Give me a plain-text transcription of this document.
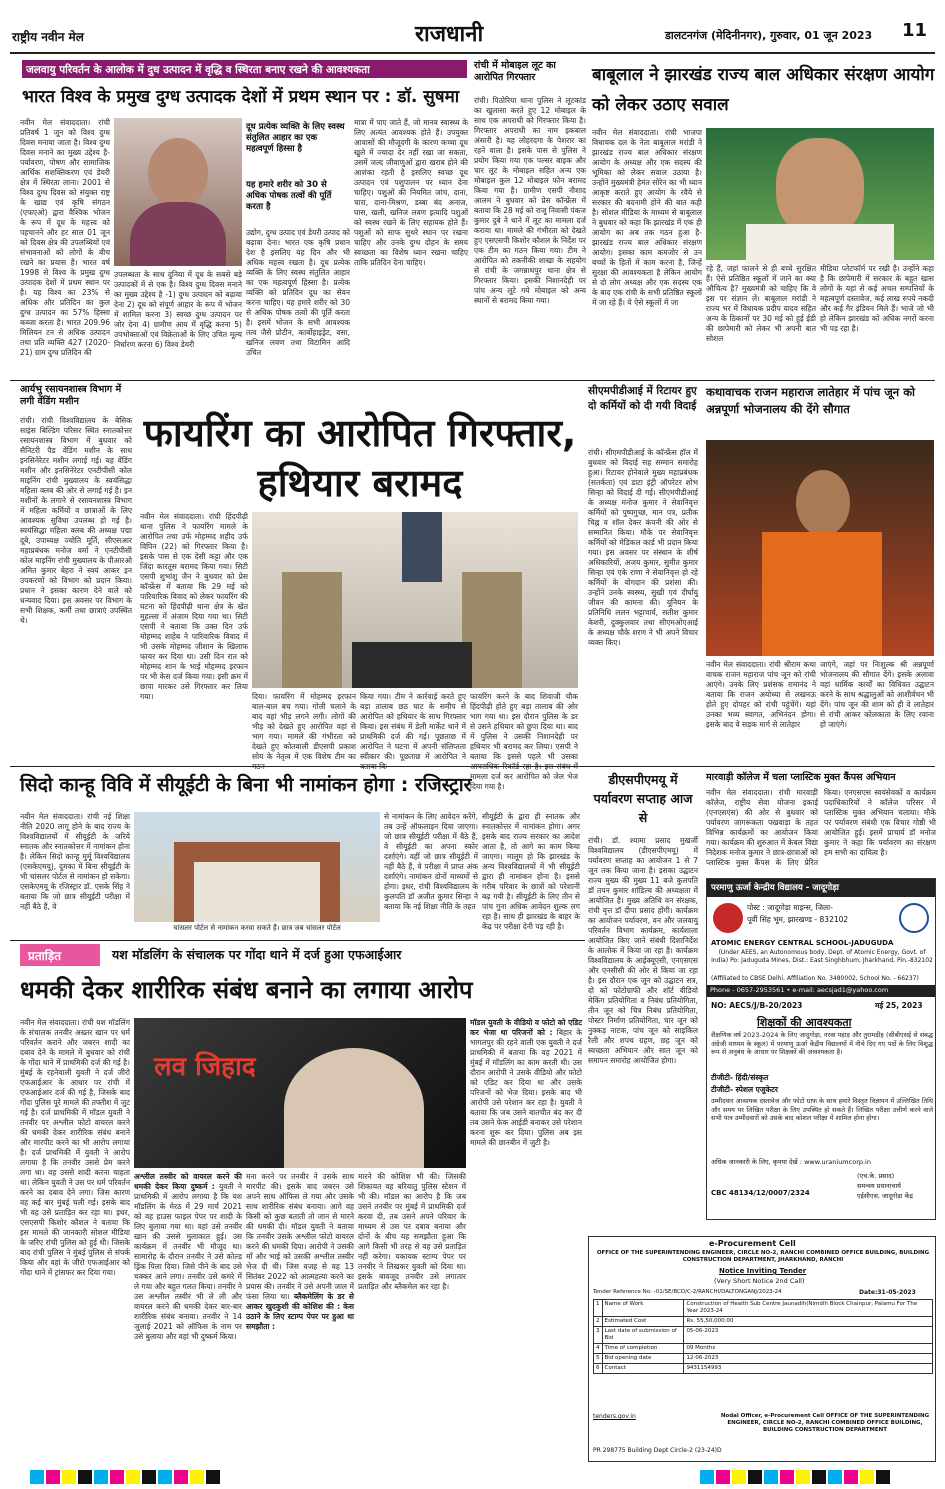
राष्ट्रीय नवीन मेल	राजधानी	डालटनगंज (मेदिनीनगर), गुरुवार, 01 जून 2023 11
जलवायु परिवर्तन के आलोक में दुध उत्पादन में वृद्धि व स्थिरता बनाए रखने की आवश्यकता
भारत विश्व के प्रमुख दुग्ध उत्पादक देशों में प्रथम स्थान पर : डॉ. सुषमा
नवीन मेल संवाददाता। रांची प्रतिवर्ष 1 जून को विश्व दुग्ध दिवस मनाया जाता है। विश्व दुग्ध दिवस मनाने का मुख्य उद्देश्य है-पर्यावरण, पोषण और सामाजिक आर्थिक सशक्तिकरण एवं डेयरी क्षेत्र में स्थिरता लाना। 2001 से विश्व दुग्ध दिवस को संयुक्त राष्ट्र के खाद्य एवं कृषि संगठन (एफएओ) द्वारा वैश्विक भोजन के रूप में दूध के महत्त्व को पहचानने और हर साल 01 जून को दिवस क्षेत्र की उपलब्धियों एवं संभावनाओं को लोगों के बीच रखने का प्रयास है। भारत वर्ष 1998 से विश्व के प्रमुख दुग्ध उत्पादक देशों में प्रथम स्थान पर है। यह विश्व का 23% से अधिक और प्रतिदिन का कुल दुग्ध उत्पादन का 57% हिस्सा कब्जा करता है। भारत 209.96 मिलियन टन से अधिक उत्पादन तथा प्रति व्यक्ति 427 (2020-21) ग्राम दुग्ध प्रतिदिन की
उपलब्धता के साथ दुनिया में दूध के सबसे बड़े उत्पादकों में से एक है। विश्व दुग्ध दिवस मनाने का मुख्य उद्देश्य है -1) दुग्ध उत्पादन को बढ़ावा देना 2) दूध को संपूर्ण आहार के रूप में भोजन में शामिल करना 3) स्वच्छ दुग्ध उत्पादन पर जोर देना 4) ग्रामीण आय में वृद्धि करना 5) उपभोक्ताओं एवं विक्रेताओं के लिए उचित मूल्य निर्धारण करना 6) विश्व डेयरी
दूध प्रत्येक व्यक्ति के लिए स्वस्थ संतुलित आहार का एक महत्वपूर्ण हिस्सा है
यह हमारे शरीर को 30 से अधिक पोषक तत्वों की पूर्ति करता है
उद्योग, दुग्ध उत्पाद एवं डेयरी उत्पाद को बढ़ावा देना। भारत एक कृषि प्रधान देश है इसलिए यह दिन और भी अधिक महत्त्व रखता है। दूध प्रत्येक व्यक्ति के लिए स्वस्थ संतुलित आहार का एक महत्वपूर्ण हिस्सा है। प्रत्येक व्यक्ति को प्रतिदिन दूध का सेवन करना चाहिए। यह हमारे शरीर को 30 से अधिक पोषक तत्वों की पूर्ति करता है। इसमें भोजन के सभी आवश्यक तत्व जैसे प्रोटीन, कार्बोहाइड्रेट, वसा, खनिज लवण तथा विटामिन आदि उचित
मात्रा में पाए जाते हैं, जो मानव स्वास्थ्य के लिए अत्यंत आवश्यक होते हैं। उपयुक्त आवासों की मौजूदगी के कारण कच्चा दूध खुले में ज्यादा देर नहीं रखा जा सकता, उसमें जल्द जीवाणुओं द्वारा खराब होने की आशंका रहती है इसलिए स्वच्छ दूध उत्पादन एवं पशुपालन पर ध्यान देना चाहिए। पशुओं की नियमित जांच, दाना, चारा, दाना-मिश्रण, डब्बा बंद अनाज, घास, खली, खनिज लवण इत्यादि पशुओं को स्वस्थ रखने के लिए सहायक होते हैं। पशुओं को साफ सुथरे स्थान पर रखना चाहिए और उनके दुग्ध दोहन के समय स्वच्छता का विशेष ध्यान रखना चाहिए ताकि प्रतिदिन देना चाहिए।
रांची में मोबाइल लूट का आरोपित गिरफ्तार
रांची। पिठोरिया थाना पुलिस ने लूटकांड का खुलासा करते हुए 12 मोबाइल के साथ एक अपराधी को गिरफ्तार किया है। गिरफ्तार अपराधी का नाम इकबाल अंसारी है। यह लोहरदगा के पेशरार का रहने वाला है। इसके पास से पुलिस ने प्रयोग किया गया एक पल्सर बाइक और चार लूट के मोबाइल सहित अन्य एक मोबाइल कुल 12 मोबाइल फोन बरामद किया गया है। ग्रामीण एसपी नौशाद आलम ने बुधवार को प्रेस कॉन्फ्रेंस में बताया कि 28 मई को राजू निवासी पंकज कुमार दुबे ने थाने में लूट का मामला दर्ज कराया था। मामले की गंभीरता को देखते हुए एसएसपी किशोर कौशल के निर्देश पर एक टीम का गठन किया गया। टीम ने आरोपित को तकनीकी शाखा के सहयोग से रांची के जगन्नाथपुर थाना क्षेत्र से गिरफ्तार किया। इसकी निशानदेही पर पांच अन्य लूटे गये मोबाइल को अन्य स्थानों से बरामद किया गया।
बाबूलाल ने झारखंड राज्य बाल अधिकार संरक्षण आयोग को लेकर उठाए सवाल
नवीन मेल संवाददाता। रांची भाजपा विधायक दल के नेता बाबूलाल मरांडी ने झारखंड राज्य बाल अधिकार संरक्षण आयोग के अध्यक्ष और एक सदस्य की भूमिका को लेकर सवाल उठाया है। उन्होंने मुख्यमंत्री हेमंत सोरेन का भी ध्यान आकृष्ट कराते हुए आयोग के रवैये से सरकार की बदनामी होने की बात कही है। सोशल मीडिया के माध्यम से बाबूलाल ने बुधवार को कहा कि झारखंड में एक ही आयोग का अब तक गठन हुआ है- झारखंड राज्य बाल अधिकार संरक्षण आयोग। इसका काम कमजोर से उन बच्चों के हितों में काम करना है, जिन्हें सुरक्षा की आवश्यकता है लेकिन आयोग से दो लोग अध्यक्ष और एक सदस्य एक के बाद एक रांची के सभी प्रतिष्ठित स्कूलों में जा रहे हैं। ये ऐसे स्कूलों में जा
रहे हैं, जहां फालने से ही बच्चे सुरक्षित हैं। ऐसे प्रतिष्ठित स्कूलों में जाने का क्या औचित्य है? मुख्यमंत्री को चाहिए कि वे इस पर संज्ञान लें। बाबूलाल मरांडी ने राज्य भर में विधायक प्रदीप यादव सहित अन्य के ठिकानों पर 30 मई को हुई ईडी की छापेमारी को लेकर भी अपनी बात सोशल
मीडिया प्लेटफॉर्म पर रखी है। उन्होंने कहा है कि छापेमारी में सरकार के बहुत खास लोगों के यहां से कई अचल सम्पत्तियों के महत्वपूर्ण दस्तावेज, कई लाख रुपये नकदी और कई गैर इंडियन मिले हैं। भाजे जो भी हो लेकिन झारखंड को अधिक नगरों करना भी पड़ रहा है।
आर्यभु रसायनशास्त्र विभाग में लगी वेंडिंग मशीन
रांची। रांची विश्वविद्यालय के बेसिक साइंस बिल्डिंग परिसर स्थित स्नातकोत्तर रसायनशास्त्र विभाग में बुधवार को सैनिटरी पैड वेंडिंग मशीन के साथ इनसिनेरेटर मशीन लगाई गई। यह वेंडिंग मशीन और इनसिनेरेटर एनटीपीसी कोल माइनिंग रांची मुख्यालय के स्वयंसिद्धा महिला क्लब की ओर से लगाई गई है। इन मशीनों के लगाने से रसायनशास्त्र विभाग में महिला कर्मियों व छात्राओं के लिए आवश्यक सुविधा उपलब्ध हो गई है। स्वयंसिद्धा महिला क्लब की अध्यक्ष पद्मा दूबे, उपाध्यक्ष ज्योति मूर्ति, सीएसआर महाप्रबंधक मनोज वर्मा ने एनटीपीसी कोल माइनिंग रांची मुख्यालय के पीआरओ अमित कुमार बेहरा ने स्वयं आकर इन उपकरणों को विभाग को प्रदान किया। प्रधान ने इसका कारण देने वाले को धन्यवाद दिया। इस अवसर पर विभाग के सभी शिक्षक, कर्मी तथा छात्राएं उपस्थित थे।
फायरिंग का आरोपित गिरफ्तार, हथियार बरामद
नवीन मेल संवाददाता। रांची हिंदपीढ़ी थाना पुलिस ने फायरिंग मामले के आरोपित तथा उर्फ मोहम्मद शहीद उर्फ विपिन (22) को गिरफ्तार किया है। इसके पास से एक देसी कट्टा और एक जिंदा कारतूस बरामद किया गया। सिटी एसपी शुभांशु जैन ने बुधवार को प्रेस कॉन्फ्रेंस में बताया कि 29 मई को पारिवारिक विवाद को लेकर फायरिंग की घटना को हिंदपीढ़ी थाना क्षेत्र के खेत मुहल्ला में अंजाम दिया गया था। सिटी एसपी ने बताया कि उक्त दिन उर्फ मोहम्मद शाहेब ने पारिवारिक विवाद में भी उसके मोहम्मद जीशान के खिलाफ फायर कर दिया था। उसी दिन रात को मोहम्मद शान के भाई मोहम्मद इरफान पर भी केस दर्ज किया गया। इसी क्रम में छापा मारकर उसे गिरफ्तार कर लिया गया।	दिया। फायरिंग में मोहम्मद इरफान बाल-बाल बच गया। गोली चलाने के बाद वहां भीड़ लगने लगी। लोगों की भीड़ को देखते हुए आरोपित वहां से भाग गया। मामले की गंभीरता को देखते हुए कोतवाली डीएसपी प्रकाश सोय के नेतृत्व में एक विशेष टीम का
किया गया। टीम ने कार्रवाई करते हुए बड़ा तालाब छठ घाट के समीप से आरोपित को हथियार के साथ गिरफ्तार किया। इस संबंध में डेली मार्केट थाने में प्राथमिकी दर्ज की गई। पूछताछ में आरोपित ने घटना में अपनी संलिप्तता स्वीकार की। पूछताछ में आरोपित ने
फायरिंग करने के बाद शिवाजी चौक हिंदपीढ़ी होते हुए बड़ा तालाब की ओर भाग गया था। इस दौरान पुलिस के डर से उसने हथियार को छुपा दिया था। बाद में पुलिस ने उसकी निशानदेही पर हथियार भी बरामद कर लिया। एसपी ने बताया कि इससे पहले भी उसका मामला दर्ज कर आरोपित को जेल भेज दिया गया है।
सीएमपीडीआई में रिटायर हुए दो कर्मियों को दी गयी विदाई
रांची। सीएमपीडीआई के कॉन्फ्रेंस हॉल में बुधवार को विदाई सह सम्मान समारोह हुआ। रिटायर होनेवाले मुख्य महाप्रबंधक (सतर्कता) एवं डाटा इंट्री ऑपरेटर शोभ सिन्हा को विदाई दी गई। सीएमपीडीआई के अध्यक्ष मनोज कुमार ने सेवानिवृत्त कर्मियों को पुष्पगुच्छ, मान पत्र, प्रतीक चिह्न व शॉल देकर कंपनी की ओर से सम्मानित किया। मौके पर सेवानिवृत्त कर्मियों को मेडिकल कार्ड भी प्रदान किया गया। इस अवसर पर संस्थान के शीर्ष अधिकारियों, अजय कुमार, सुमीत कुमार सिन्हा एवं एके राणा ने सेवानिवृत्त हो रहे कर्मियों के योगदान की प्रशंसा की। उन्होंने उनके स्वस्थ्य, सुखी एवं दीर्घायु जीवन की कामना की। यूनियन के प्रतिनिधि ललन भट्टाचार्य, सतीश कुमार केशरी, दुक्कुलवार तथा सीएमओएआई के अध्यक्ष चौके शरण ने भी अपने विचार व्यक्त किए।
कथावाचक राजन महाराज लातेहार में पांच जून को अन्नपूर्णा भोजनालय की देंगे सौगात
नवीन मेल संवाददाता। रांची श्रीराम कथा वाचक राजन महाराज पांच जून को रांची आएंगे। उनके लिए प्रशंसक रामानंद ने बताया कि राजन अयोध्या से लखनऊ होते हुए दोपहर को रांची पहुंचेंगे। यहां उनका भव्य स्वागत, अभिनंदन होगा। इसके बाद वे सड़क मार्ग से लातेहार
जाएंगे, जहां पर निःशुल्क श्री अन्नपूर्णा भोजनालय की सौगात देंगे। इसके अलावा वहां धार्मिक कार्यों का विधिवत उद्घाटन करने के साथ श्रद्धालुओं को आशीर्वचन भी देंगे। पांच जून की शाम को ही वे लातेहार से रांची आकर कोलकाता के लिए रवाना हो जाएंगे।
सिदो कान्हू विवि में सीयूईटी के बिना भी नामांकन होगा : रजिस्ट्रार
नवीन मेल संवाददाता। रांची नई शिक्षा नीति 2020 लागू होने के बाद राज्य के विश्वविद्यालयों में सीयूईटी के जरिये स्नातक और स्नातकोत्तर में नामांकन होना है। लेकिन सिदो कान्हू मुर्मू विश्वविद्यालय (एसकेएमयू), दुमका में बिना सीयूईटी के भी चांसलर पोर्टल से नामांकन हो सकेगा। एसकेएमयू के रजिस्ट्रार डॉ. एसके सिंह ने बताया कि जो छात्र सीयूईटी परीक्षा में नहीं बैठे हैं, वे
चांसलर पोर्टल से नामांकन करवा सकते हैं। छात्र जब चांसलर पोर्टल
से नामांकन के लिए आवेदन करेंगे, तब उन्हें ऑफलाइन दिया जाएगा। जो छात्र सीयूईटी परीक्षा में बैठे हैं, वे सीयूईटी का अपना स्कोर दर्शाएंगे। वहीं जो छात्र सीयूईटी में नहीं बैठे हैं, वे परीक्षा में प्राप्त अंक दर्शाएंगे। नामांकन दोनों माध्यमों से होगा। इधर, रांची विश्वविद्यालय के कुलपति डॉ अजीत कुमार सिन्हा ने बताया कि नई शिक्षा नीति के तहत
सीयूईटी के द्वारा ही स्नातक और स्नातकोत्तर में नामांकन होगा। अगर इसके बाद राज्य सरकार का आदेश आता है, तो आगे का काम किया जाएगा। मालूम हो कि झारखंड के अन्य विश्वविद्यालयों में भी सीयूईटी द्वारा ही नामांकन होना है। इससे गरीब परिवार के छात्रों को परेशानी बढ़ गयी है। सीयूईटी के लिए तीन से पांच गुना अधिक आवेदन शुल्क लग रहा है। साथ ही झारखंड के बाहर के केंद्र पर परीक्षा देनी पड़ रही है।
डीएसपीएमयू में पर्यावरण सप्ताह आज से
रांची। डॉ. श्यामा प्रसाद मुखर्जी विश्वविद्यालय (डीएसपीएमयू) में पर्यावरण सप्ताह का आयोजन 1 से 7 जून तक किया जाना है। इसका उद्घाटन राज्य मुख्य की मुख्य 11 बजे कुलपति डॉ तपन कुमार शांडिल्य की अध्यक्षता में आयोजित है। मुख्य अतिथि वन संरक्षक, रांची वृत्त डॉ दीपा प्रसाद होंगी। कार्यक्रम का आयोजन पर्यावरण, वन और जलवायु परिवर्तन विभाग कार्यक्रम, कार्यशाला आयोजित किए जाने संबंधी दिशानिर्देश के आलोक में किया जा रहा है। कार्यक्रम विश्वविद्यालय के आईक्यूएसी, एनएसएस और एनसीसी की ओर से किया जा रहा है। इस दौरान एक जून को उद्घाटन सत्र, दो को फोटोग्राफी और शॉर्ट वीडियो मेकिंग प्रतियोगिता व निबंध प्रतियोगिता, तीन जून को चित्र निबंध प्रतियोगिता, पोस्टर निर्माण प्रतियोगिता, चार जून को नुक्कड़ नाटक, पांच जून को साइकिल रैली और शपथ ग्रहण, छह जून को स्वच्छता अभियान और सात जून को समापन समारोह आयोजित होगा।
मारवाड़ी कॉलेज में चला प्लास्टिक मुक्त कैंपस अभियान
नवीन मेल संवाददाता। रांची मारवाड़ी कॉलेज, राष्ट्रीय सेवा योजना इकाई (एनएसएस) की ओर से बुधवार को पर्यावरण जागरूकता पखवाड़ा के तहत विभिन्न कार्यक्रमों का आयोजन किया गया। कार्यक्रम की शुरुआत में केबल विद्या निदेशक मनोज कुमार ने छात्र-छात्राओं को प्लास्टिक मुक्त कैंपस के लिए प्रेरित किया। एनएसएस स्वयंसेवकों व कार्यक्रम पदाधिकारियों ने कॉलेज परिसर में प्लास्टिक मुक्त अभियान चलाया। मौके पर पर्यावरण संबंधी एक विचार गोष्ठी भी आयोजित हुई। इसमें प्राचार्य डॉ मनोज कुमार ने कहा कि पर्यावरण का संरक्षण हम सभी का दायित्व है।
परमाणु ऊर्जा केन्द्रीय विद्यालय - जादूगोड़ा
पोस्ट : जादूगोड़ा माइन्स, जिला-
पूर्वी सिंह भूम, झारखण्ड - 832102
ATOMIC ENERGY CENTRAL SCHOOL-JADUGUDA
(Under AEES, an Autonomous body, Dept. of Atomic Energy, Govt. of India) Po: Jaduguda Mines, Dist.: East Singhbhum, Jharkhand, Pin.-832102
(Affiliated to CBSE Delhi, Affiliation No. 3480002, School No. - 66237)
Phone - 0657-2953561 • e-mail: aecsjad1@yahoo.com
NO: AECS/J/B-20/2023	मई 25, 2023
शिक्षकों की आवश्यकता
शैक्षणिक वर्ष 2023-2024 के लिए जादूगोड़ा, नरवा पहाड़ और तुरामडीह (सीबीएसई से संबद्ध अंग्रेजी माध्यम के स्कूल) में परमाणु ऊर्जा केंद्रीय विद्यालयों में नीचे दिए गए पदों के लिए विशुद्ध रूप से अनुबंध के आधार पर शिक्षकों की आवश्यकता है।
टीजीटी- हिंदी/संस्कृत
टीजीटी- स्पेशल एजुकेटर
उम्मीदवार आवश्यक दस्तावेज और फोटो ग्राफ के साथ हमारे विस्तृत विज्ञापन में उल्लिखित तिथि और समय पर लिखित परीक्षा के लिए उपस्थित हो सकते हैं। लिखित परीक्षा उत्तीर्ण करने वाले सभी पात्र उम्मीदवारों को उसके बाद कोशल परीक्षा में शामिल होना होगा।
अधिक जानकारी के लिए, कृपया देखें : www.uraniumcorp.in
(एच.के. प्रसाद)
समन्वय प्रधानाचार्य
एईसीएस, जादूगोड़ा केंद्र
CBC 48134/12/0007/2324
प्रताड़ित	यश मॉडलिंग के संचालक पर गोंदा थाने में दर्ज हुआ एफआईआर
धमकी देकर शारीरिक संबंध बनाने का लगाया आरोप
नवीन मेल संवाददाता। रांची यश मॉडलिंग के संचालक तनवीर अख्तर खान पर धर्म परिवर्तन कराने और जबरन शादी का दबाव देने के मामले में बुधवार को रांची के गोंदा थाने में प्राथमिकी दर्ज की गई है। मुंबई के रहनेवाली युवती ने दर्ज जीरो एफआईआर के आधार पर रांची में एफआईआर दर्ज की गई है, जिसके बाद गोंदा पुलिस पूरे मामले की तफ्तीश में जुट गई है। दर्ज प्राथमिकी में मॉडल युवती ने तनवीर पर अश्लील फोटो वायरल करने की धमकी देकर शारीरिक संबंध बनाने और मारपीट करने का भी आरोप लगाया है। दर्ज प्राथमिकी में युवती ने आरोप लगाया है कि तनवीर उससे प्रेम करने लगा था। वह उससे शादी करना चाहता था। लेकिन युवती ने उस पर धर्म परिवर्तन करने का दबाव देने लगा। जिस कारण वह कई बार मुंबई चली गई। इसके बाद भी वह उसे प्रताड़ित कर रहा था। इधर, एसएसपी किशोर कौशल ने बताया कि इस मामले की जानकारी सोशल मीडिया के जरिए रांची पुलिस को हुई थी। जिसके बाद रांची पुलिस ने मुंबई पुलिस से संपर्क किया और वहां के जीरो एफआईआर को गोंदा थाने में ट्रांसफर कर दिया गया।
लव जिहाद
अश्लील तस्वीर को वायरल करने की धमकी देकर किया दुष्कर्म : युवती ने प्राथमिकी में आरोप लगाया है कि यश मॉडलिंग के मेरठ में 29 मार्च 2021 को वह हाउस फाइल पेपर पर शादी के लिए बुलाया गया था। वहां उसे तनवीर खान की उससे मुलाकात हुई। उस कार्यक्रम में तनवीर भी मौजूद था। सामारोह के दौरान तनवीर ने उसे कोल्ड ड्रिंक पिला दिया। जिसे पीने के बाद उसे चक्कर आने लगा। तनवीर उसे कमरे में ले गया और बहुत गलत किया। तनवीर ने उस अश्लील तस्वीर भी ले ली और वायरल करने की धमकी देकर बार-बार शारीरिक संबंध बनाया। तनवीर ने 14 जुलाई 2021 को ऑफिस के नाम पर उसे बुलाया और वहां भी दुष्कर्म किया।
मना करने पर तनवीर ने उसके साथ मारपीट की। इसके बाद जबरन उसे अपने साथ ऑफिस ले गया और उसके साथ शारीरिक संबंध बनाया। आगे वह किसी को कुछ बताती तो जान से मारने की धमकी दी। मॉडल युवती ने बताया कि तनवीर उसके अश्लील फोटो वायरल करने की धमकी दिया। आरोपी ने उसकी माँ और भाई को उसकी अश्लील तस्वीर भेज दी थी। जिस वजह से वह 13 सितंबर 2022 को आत्महत्या करने का प्रयास की। तनवीर ने उसे अपनी जाल में फंसा लिया था। ब्लैकमेलिंग के डर से आकर खुदकुशी की कोशिश की : केस उठाने के लिए स्टाम्प पेपर पर हुआ था समझौता :
मारने की कोशिश भी की। जिसकी शिकायत वह बरियातु पुलिस स्टेशन में भी की। मॉडल का आरोप है कि जब उसने तनवीर पर मुंबई में प्राथमिकी दर्ज करवा दी, तब उसने अपने परिवार के माध्यम से उस पर दबाव बनाया और दोनों के बीच यह समझौता हुआ कि आगे किसी भी तरह से वह उसे प्रताड़ित नहीं करेगा। यकायक स्टाम्प पेपर पर तनवीर ने लिखकर युवती को दिया था। इसके बावजूद तनवीर उसे लगातार प्रताड़ित और ब्लैकमेल कर रहा है।
मॉडल युवती के वीडियो व फोटो को एडिट कर भेजा था परिजनों को : बिहार के भागलपुर की रहने वाली एक युवती ने दर्ज प्राथमिकी में बताया कि वह 2021 में मुंबई में मॉडलिंग का काम करती थी। उस दौरान आरोपी ने उसके वीडियो और फोटो को एडिट कर दिया था और उसके परिजनों को भेज दिया। इसके बाद भी आरोपी उसे परेशान कर रहा है। युवती ने बताया कि जब उसने बातचीत बंद कर दी तब उसने फेक आईडी बनाकर उसे परेशान करना शुरू कर दिया। पुलिस अब इस मामले की छानबीन में जुटी है।
e-Procurement Cell
OFFICE OF THE SUPERINTENDING ENGINEER, CIRCLE NO-2, RANCHI COMBINED OFFICE BUILDING, BUILDING CONSTRUCTION DEPARTMENT, JHARKHAND, RANCHI
Notice Inviting Tender
(Very Short Notice 2nd Call)
Tender Reference No: -01/SE/BCD/C-2/RANCHI/DALTONGANJ/2023-24	Date:31-05-2023
1	Name of Work	Construction of Health Sub Centre Jaunadih(Nimdih Block Chainpur, Palamu For The Year 2023-24
2	Estimated Cost	Rs. 55,50,000.00
3	Last date of submission of Bid	05-06-2023
4	Time of completion	09 Months
5	Bid opening date	12-06-2023
6	Contact	9431154993
tenders.gov.in	Nodal Officer, e-Procurement Cell OFFICE OF THE SUPERINTENDING ENGINEER, CIRCLE NO-2, RANCHI COMBINED OFFICE BUILDING, BUILDING CONSTRUCTION DEPARTMENT
PR 298775 Building Dept Circle-2 (23-24)D
